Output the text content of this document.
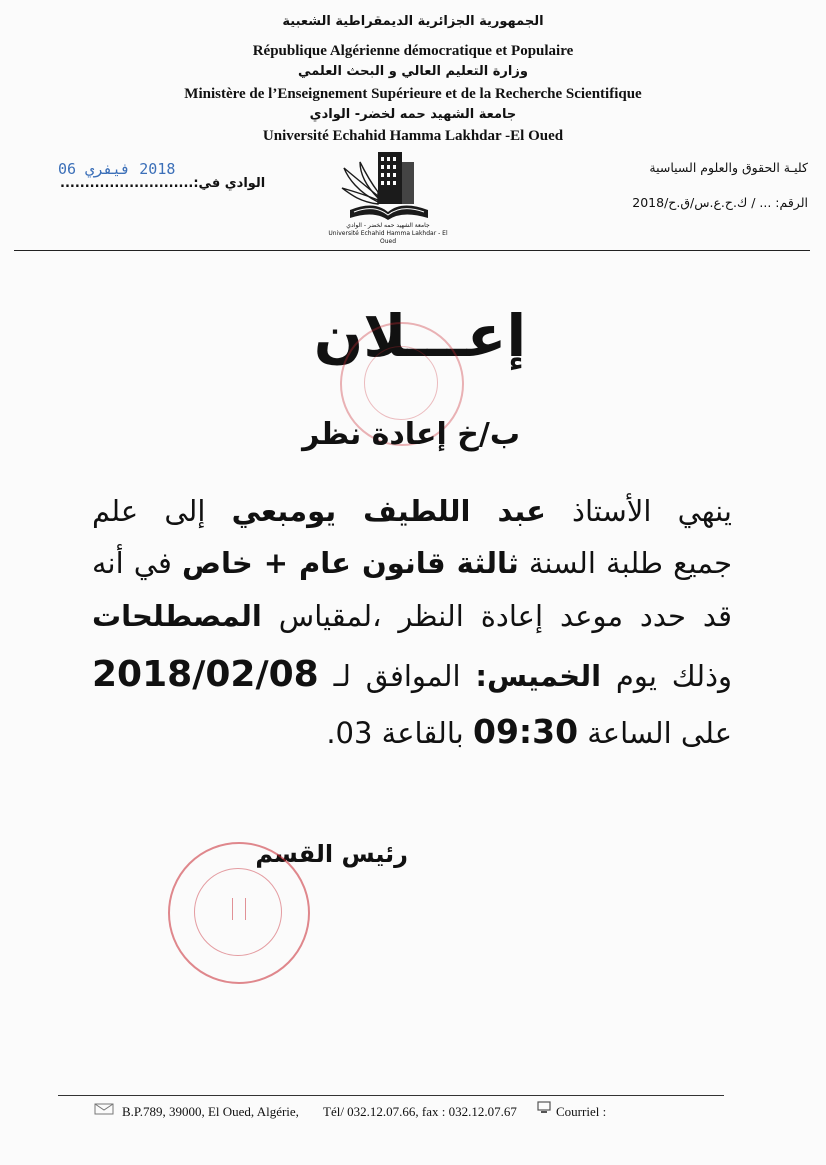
الجمهورية الجزائرية الديمقراطية الشعبية
République Algérienne démocratique et Populaire
وزارة التعليم العالي و البحث العلمي
Ministère de l’Enseignement Supérieure et de la Recherche Scientifique
جامعة الشهيد حمه لخضر- الوادي
Université Echahid Hamma Lakhdar -El Oued
كليـة الحقوق والعلوم السياسية
الرقم: ... / ك.ح.ع.س/ق.ح/2018
2018 فيفري 06
الوادي في:...........................
جامعة الشهيد حمه لخضر - الوادي
Université Echahid Hamma Lakhdar - El Oued
إعـــلان
ب/خ إعادة نظر
ينهي الأستاذ عبد اللطيف يومبعي إلى علم
جميع طلبة السنة ثالثة قانون عام + خاص في أنه
قد حدد موعد إعادة النظر ،لمقياس المصطلحات
وذلك يوم الخميس: الموافق لـ 2018/02/08
على الساعة 09:30 بالقاعة 03.
رئيس القسم
B.P.789, 39000, El Oued, Algérie, Tél/ 032.12.07.66, fax : 032.12.07.67	Courriel :
